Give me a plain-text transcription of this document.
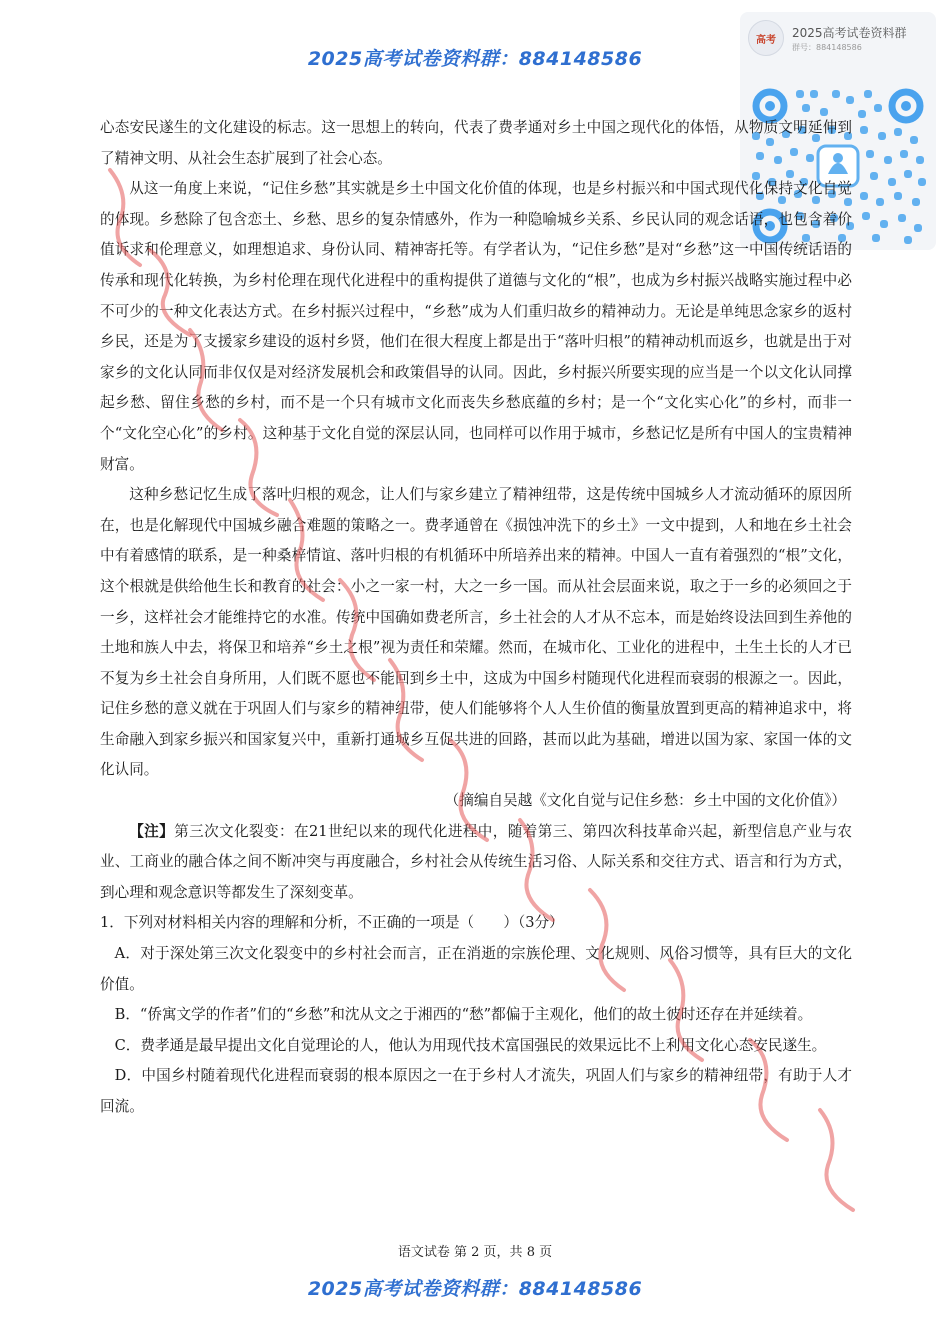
2025高考试卷资料群：884148586
高考	2025高考试卷资料群
群号：884148586

心态安民遂生的文化建设的标志。这一思想上的转向，代表了费孝通对乡土中国之现代化的体悟，从物质文明延伸到了精神文明、从社会生态扩展到了社会心态。

从这一角度上来说，“记住乡愁”其实就是乡土中国文化价值的体现，也是乡村振兴和中国式现代化保持文化自觉的体现。乡愁除了包含恋土、乡愁、思乡的复杂情感外，作为一种隐喻城乡关系、乡民认同的观念话语，也包含着价值诉求和伦理意义，如理想追求、身份认同、精神寄托等。有学者认为，“记住乡愁”是对“乡愁”这一中国传统话语的传承和现代化转换，为乡村伦理在现代化进程中的重构提供了道德与文化的“根”，也成为乡村振兴战略实施过程中必不可少的一种文化表达方式。在乡村振兴过程中，“乡愁”成为人们重归故乡的精神动力。无论是单纯思念家乡的返村乡民，还是为了支援家乡建设的返村乡贤，他们在很大程度上都是出于“落叶归根”的精神动机而返乡，也就是出于对家乡的文化认同而非仅仅是对经济发展机会和政策倡导的认同。因此，乡村振兴所要实现的应当是一个以文化认同撑起乡愁、留住乡愁的乡村，而不是一个只有城市文化而丧失乡愁底蕴的乡村；是一个“文化实心化”的乡村，而非一个“文化空心化”的乡村。这种基于文化自觉的深层认同，也同样可以作用于城市，乡愁记忆是所有中国人的宝贵精神财富。

这种乡愁记忆生成了落叶归根的观念，让人们与家乡建立了精神纽带，这是传统中国城乡人才流动循环的原因所在，也是化解现代中国城乡融合难题的策略之一。费孝通曾在《损蚀冲洗下的乡土》一文中提到，人和地在乡土社会中有着感情的联系，是一种桑梓情谊、落叶归根的有机循环中所培养出来的精神。中国人一直有着强烈的“根”文化，这个根就是供给他生长和教育的社会：小之一家一村，大之一乡一国。而从社会层面来说，取之于一乡的必须回之于一乡，这样社会才能维持它的水准。传统中国确如费老所言，乡土社会的人才从不忘本，而是始终设法回到生养他的土地和族人中去，将保卫和培养“乡土之根”视为责任和荣耀。然而，在城市化、工业化的进程中，土生土长的人才已不复为乡土社会自身所用，人们既不愿也不能回到乡土中，这成为中国乡村随现代化进程而衰弱的根源之一。因此，记住乡愁的意义就在于巩固人们与家乡的精神纽带，使人们能够将个人人生价值的衡量放置到更高的精神追求中，将生命融入到家乡振兴和国家复兴中，重新打通城乡互促共进的回路，甚而以此为基础，增进以国为家、家国一体的文化认同。

（摘编自吴越《文化自觉与记住乡愁：乡土中国的文化价值》）

【注】第三次文化裂变：在21世纪以来的现代化进程中，随着第三、第四次科技革命兴起，新型信息产业与农业、工商业的融合体之间不断冲突与再度融合，乡村社会从传统生活习俗、人际关系和交往方式、语言和行为方式，到心理和观念意识等都发生了深刻变革。

1．下列对材料相关内容的理解和分析，不正确的一项是（　　）（3分）

A．对于深处第三次文化裂变中的乡村社会而言，正在消逝的宗族伦理、文化规则、风俗习惯等，具有巨大的文化价值。

B．“侨寓文学的作者”们的“乡愁”和沈从文之于湘西的“愁”都偏于主观化，他们的故土彼时还存在并延续着。

C．费孝通是最早提出文化自觉理论的人，他认为用现代技术富国强民的效果远比不上利用文化心态安民遂生。

D．中国乡村随着现代化进程而衰弱的根本原因之一在于乡村人才流失，巩固人们与家乡的精神纽带，有助于人才回流。

语文试卷 第 2 页，共 8 页
2025高考试卷资料群：884148586
